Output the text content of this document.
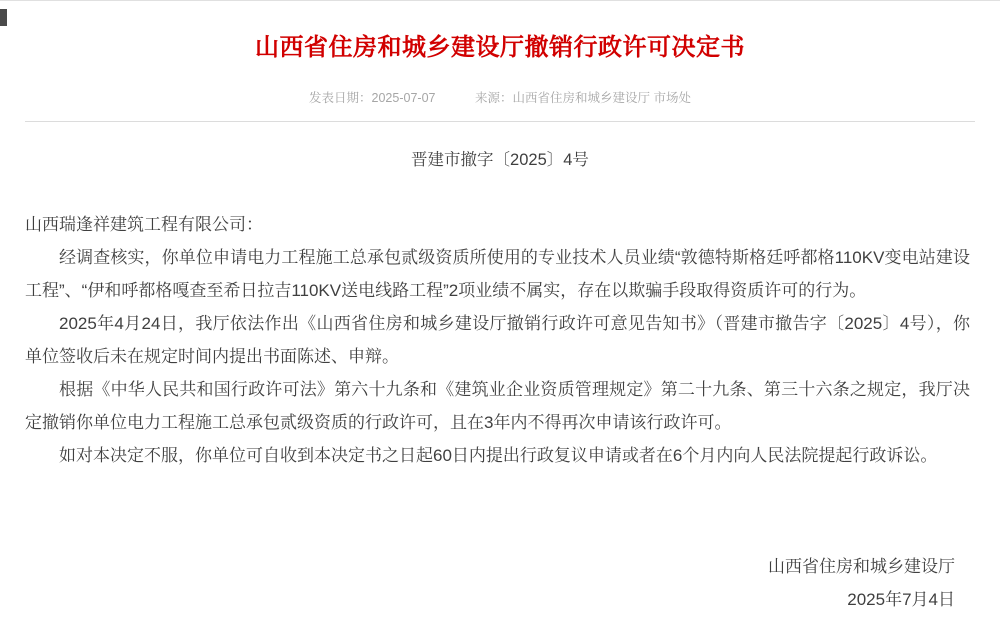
山西省住房和城乡建设厅撤销行政许可决定书
发表日期：2025-07-07	来源：山西省住房和城乡建设厅 市场处
晋建市撤字〔2025〕4号

山西瑞逢祥建筑工程有限公司：

经调查核实，你单位申请电力工程施工总承包贰级资质所使用的专业技术人员业绩“敦德特斯格廷呼都格110KV变电站建设工程”、“伊和呼都格嘎查至希日拉吉110KV送电线路工程”2项业绩不属实，存在以欺骗手段取得资质许可的行为。

2025年4月24日，我厅依法作出《山西省住房和城乡建设厅撤销行政许可意见告知书》（晋建市撤告字〔2025〕4号），你单位签收后未在规定时间内提出书面陈述、申辩。

根据《中华人民共和国行政许可法》第六十九条和《建筑业企业资质管理规定》第二十九条、第三十六条之规定，我厅决定撤销你单位电力工程施工总承包贰级资质的行政许可，且在3年内不得再次申请该行政许可。

如对本决定不服，你单位可自收到本决定书之日起60日内提出行政复议申请或者在6个月内向人民法院提起行政诉讼。

山西省住房和城乡建设厅
2025年7月4日
